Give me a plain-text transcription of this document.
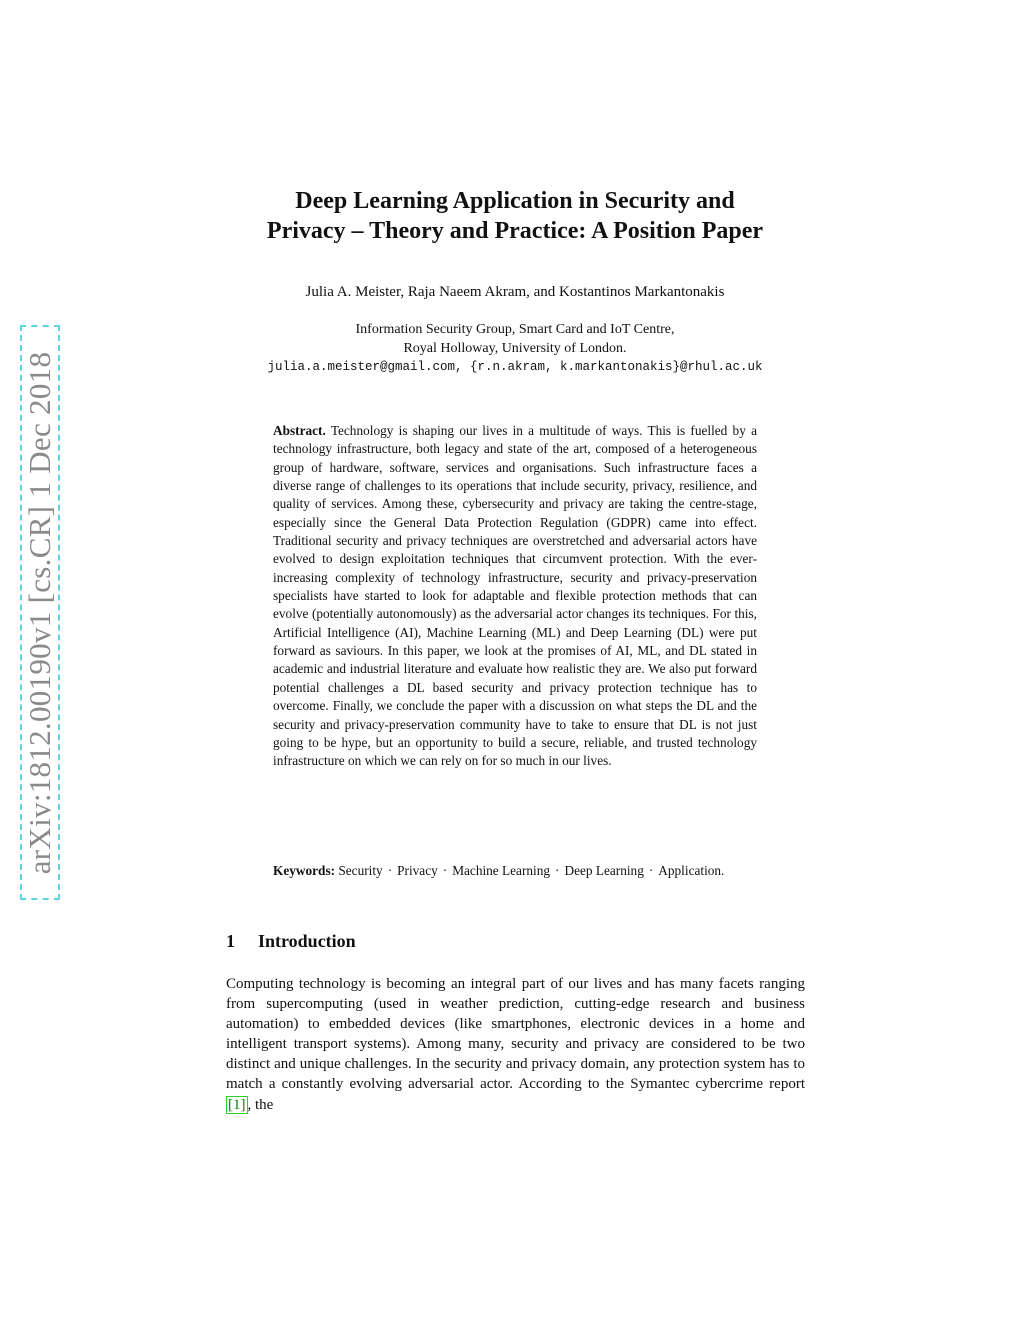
arXiv:1812.00190v1 [cs.CR] 1 Dec 2018
Deep Learning Application in Security and
Privacy – Theory and Practice: A Position Paper
Julia A. Meister, Raja Naeem Akram, and Kostantinos Markantonakis
Information Security Group, Smart Card and IoT Centre,
Royal Holloway, University of London.
julia.a.meister@gmail.com, {r.n.akram, k.markantonakis}@rhul.ac.uk
Abstract. Technology is shaping our lives in a multitude of ways. This is fuelled by a technology infrastructure, both legacy and state of the art, composed of a heterogeneous group of hardware, software, services and organisations. Such infrastructure faces a diverse range of challenges to its operations that include security, privacy, resilience, and quality of services. Among these, cybersecurity and privacy are taking the centre-stage, especially since the General Data Protection Regulation (GDPR) came into effect. Traditional security and privacy techniques are overstretched and adversarial actors have evolved to design exploitation techniques that circumvent protection. With the ever-increasing complexity of technology infrastructure, security and privacy-preservation specialists have started to look for adaptable and flexible protection methods that can evolve (potentially autonomously) as the adversarial actor changes its techniques. For this, Artificial Intelligence (AI), Machine Learning (ML) and Deep Learning (DL) were put forward as saviours. In this paper, we look at the promises of AI, ML, and DL stated in academic and industrial literature and evaluate how realistic they are. We also put forward potential challenges a DL based security and privacy protection technique has to overcome. Finally, we conclude the paper with a discussion on what steps the DL and the security and privacy-preservation community have to take to ensure that DL is not just going to be hype, but an opportunity to build a secure, reliable, and trusted technology infrastructure on which we can rely on for so much in our lives.
Keywords: Security · Privacy · Machine Learning · Deep Learning · Application.
1 Introduction
Computing technology is becoming an integral part of our lives and has many facets ranging from supercomputing (used in weather prediction, cutting-edge research and business automation) to embedded devices (like smartphones, electronic devices in a home and intelligent transport systems). Among many, security and privacy are considered to be two distinct and unique challenges. In the security and privacy domain, any protection system has to match a constantly evolving adversarial actor. According to the Symantec cybercrime report [1] , the
